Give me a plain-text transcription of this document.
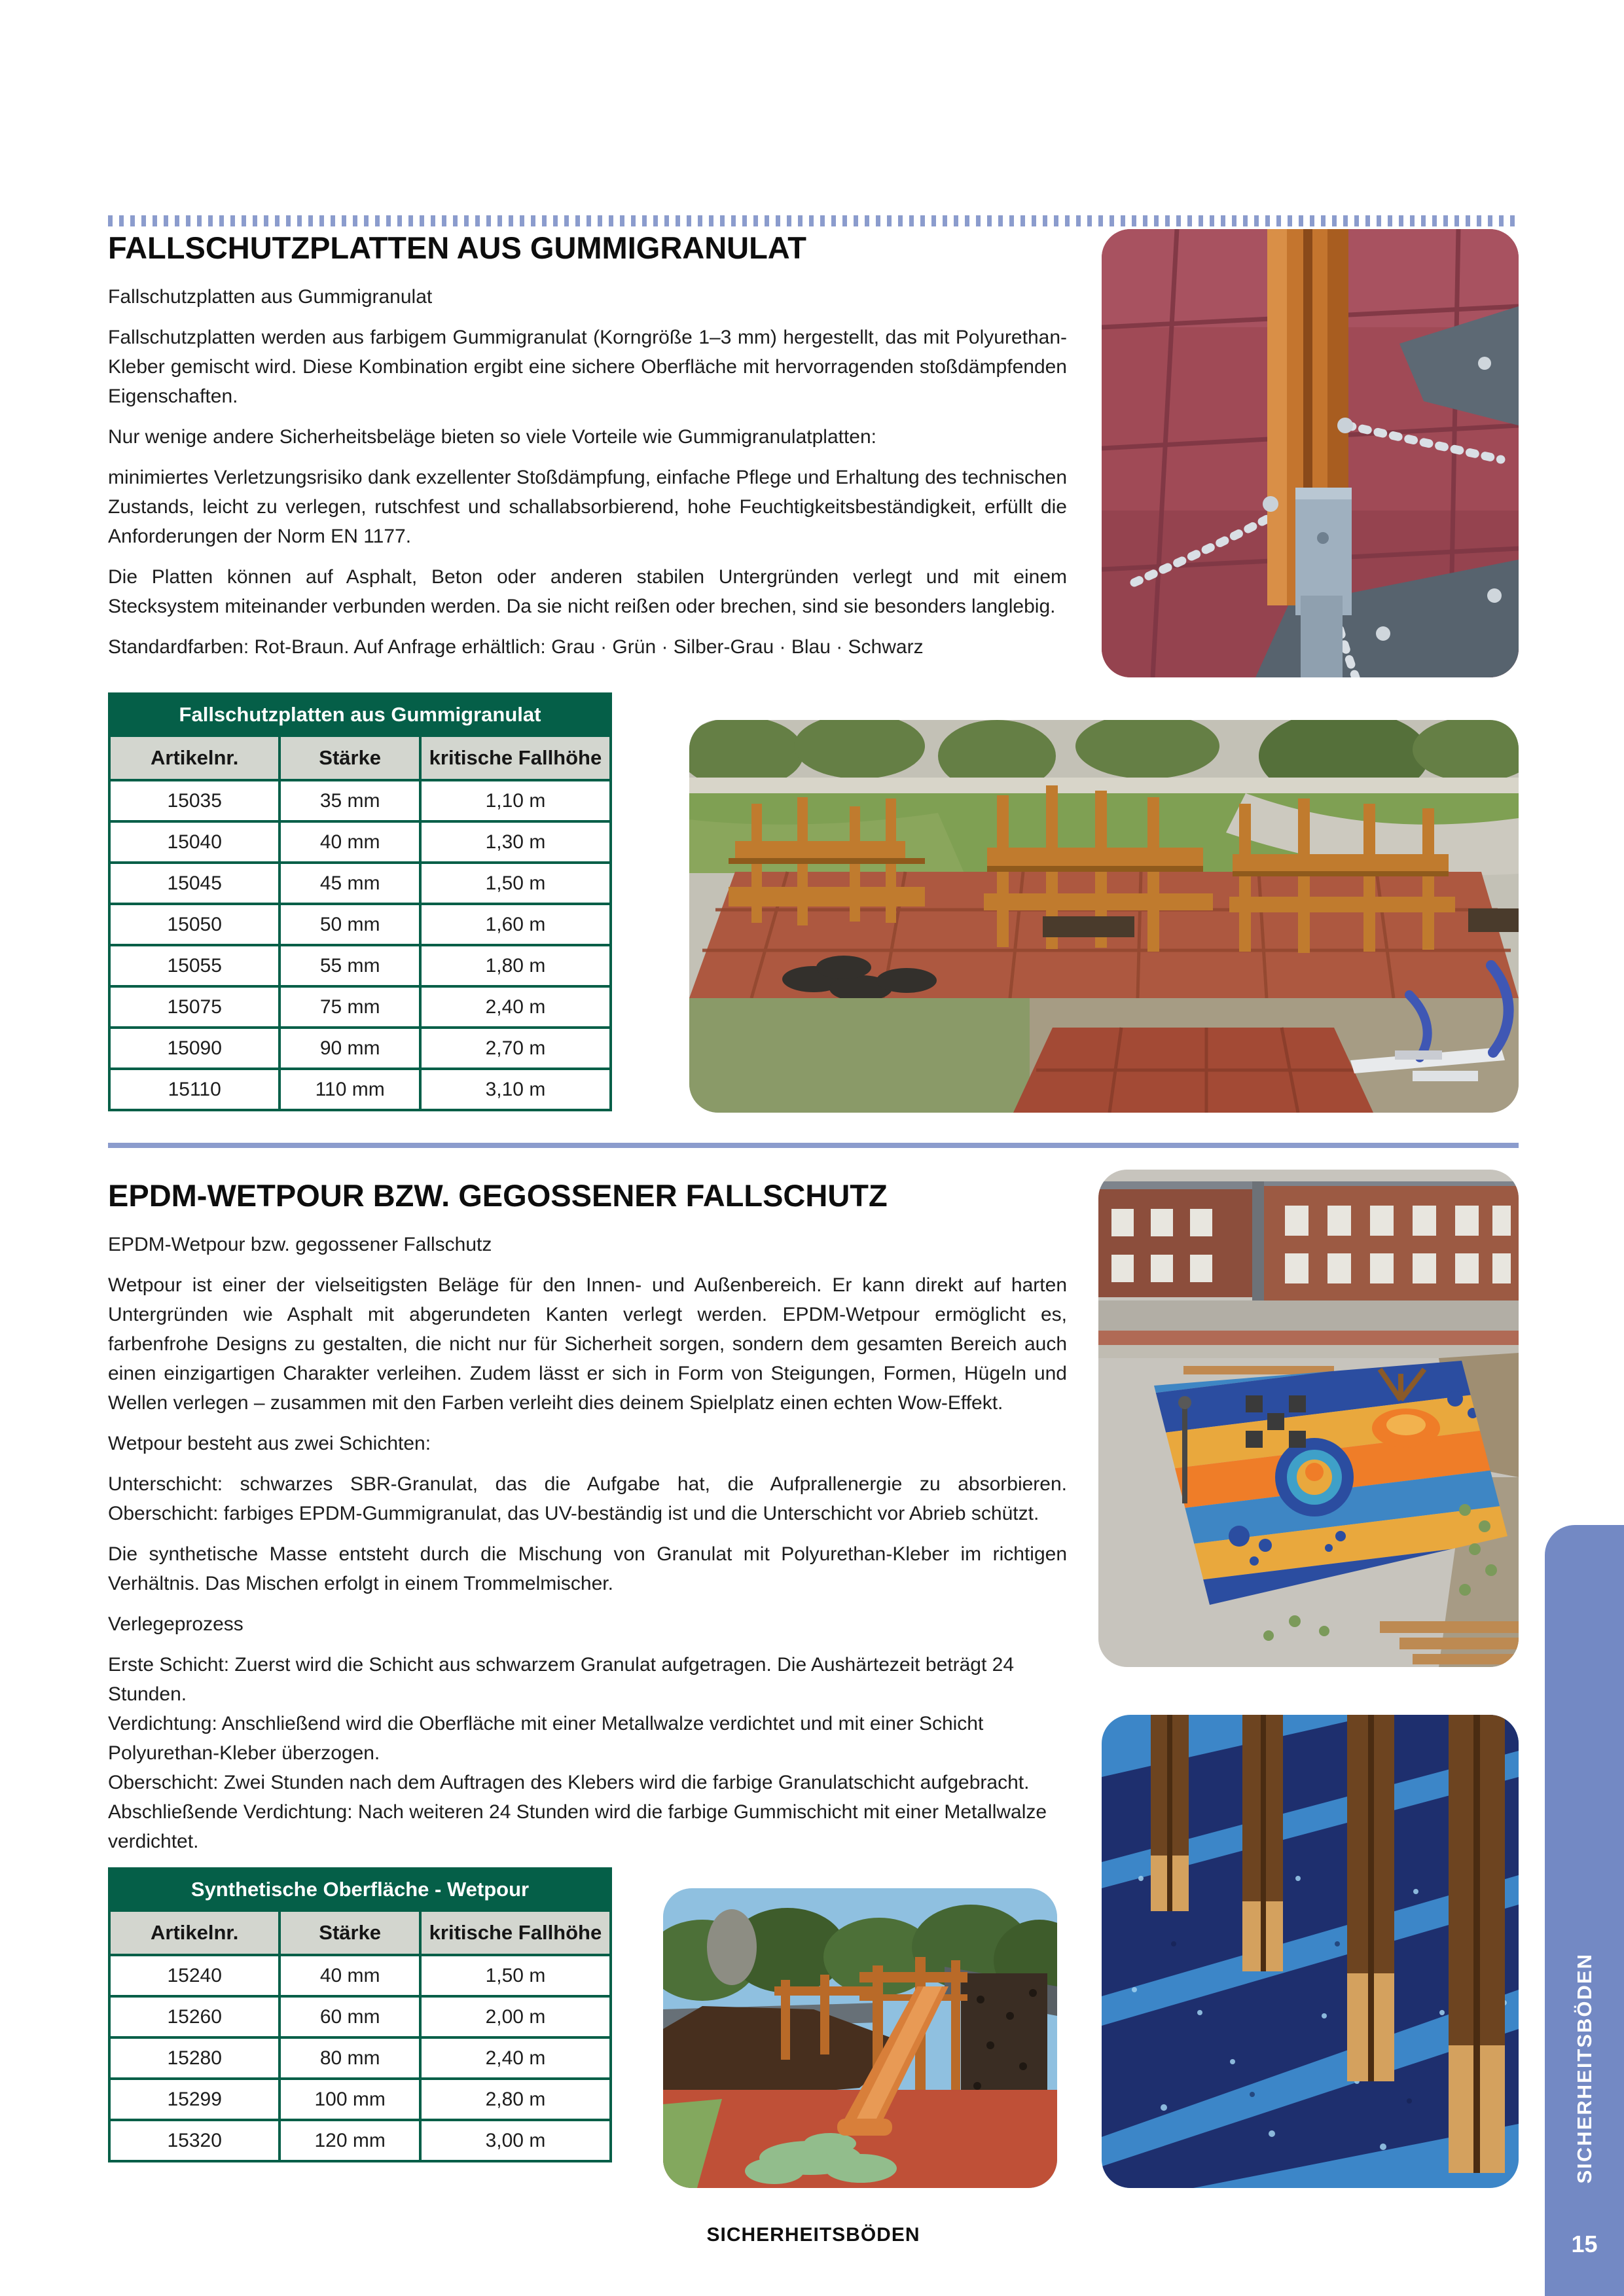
FALLSCHUTZPLATTEN AUS GUMMIGRANULAT

Fallschutzplatten aus Gummigranulat

Fallschutzplatten werden aus farbigem Gummigranulat (Korngröße 1–3 mm) hergestellt, das mit Polyurethan-Kleber gemischt wird. Diese Kombination ergibt eine sichere Oberfläche mit hervorragenden stoßdämpfenden Eigenschaften.

Nur wenige andere Sicherheitsbeläge bieten so viele Vorteile wie Gummigranulatplatten:

minimiertes Verletzungsrisiko dank exzellenter Stoßdämpfung, einfache Pflege und Erhaltung des technischen Zustands, leicht zu verlegen, rutschfest und schallabsorbierend, hohe Feuchtigkeitsbeständigkeit, erfüllt die Anforderungen der Norm EN 1177.

Die Platten können auf Asphalt, Beton oder anderen stabilen Untergründen verlegt und mit einem Stecksystem miteinander verbunden werden. Da sie nicht reißen oder brechen, sind sie besonders langlebig.

Standardfarben: Rot-Braun. Auf Anfrage erhältlich: Grau · Grün · Silber-Grau · Blau · Schwarz

Fallschutzplatten aus Gummigranulat		
Artikelnr.	Stärke	kritische Fallhöhe
15035	35 mm	1,10 m
15040	40 mm	1,30 m
15045	45 mm	1,50 m
15050	50 mm	1,60 m
15055	55 mm	1,80 m
15075	75 mm	2,40 m
15090	90 mm	2,70 m
15110	110 mm	3,10 m
EPDM-WETPOUR BZW. GEGOSSENER FALLSCHUTZ

EPDM-Wetpour bzw. gegossener Fallschutz

Wetpour ist einer der vielseitigsten Beläge für den Innen- und Außenbereich. Er kann direkt auf harten Untergründen wie Asphalt mit abgerundeten Kanten verlegt werden. EPDM-Wetpour ermöglicht es, farbenfrohe Designs zu gestalten, die nicht nur für Sicherheit sorgen, sondern dem gesamten Bereich auch einen einzigartigen Charakter verleihen. Zudem lässt er sich in Form von Steigungen, Formen, Hügeln und Wellen verlegen – zusammen mit den Farben verleiht dies deinem Spielplatz einen echten Wow-Effekt.

Wetpour besteht aus zwei Schichten:

Unterschicht: schwarzes SBR-Granulat, das die Aufgabe hat, die Aufprallenergie zu absorbieren.

Oberschicht: farbiges EPDM-Gummigranulat, das UV-beständig ist und die Unterschicht vor Abrieb schützt.

Die synthetische Masse entsteht durch die Mischung von Granulat mit Polyurethan-Kleber im richtigen Verhältnis. Das Mischen erfolgt in einem Trommelmischer.

Verlegeprozess

Erste Schicht: Zuerst wird die Schicht aus schwarzem Granulat aufgetragen. Die Aushärtezeit beträgt 24 Stunden.

Verdichtung: Anschließend wird die Oberfläche mit einer Metallwalze verdichtet und mit einer Schicht Polyurethan-Kleber überzogen.

Oberschicht: Zwei Stunden nach dem Auftragen des Klebers wird die farbige Granulatschicht aufgebracht.

Abschließende Verdichtung: Nach weiteren 24 Stunden wird die farbige Gummischicht mit einer Metallwalze verdichtet.

Synthetische Oberfläche - Wetpour		
Artikelnr.	Stärke	kritische Fallhöhe
15240	40 mm	1,50 m
15260	60 mm	2,00 m
15280	80 mm	2,40 m
15299	100 mm	2,80 m
15320	120 mm	3,00 m	SICHERHEITSBÖDEN
15
SICHERHEITSBÖDEN
